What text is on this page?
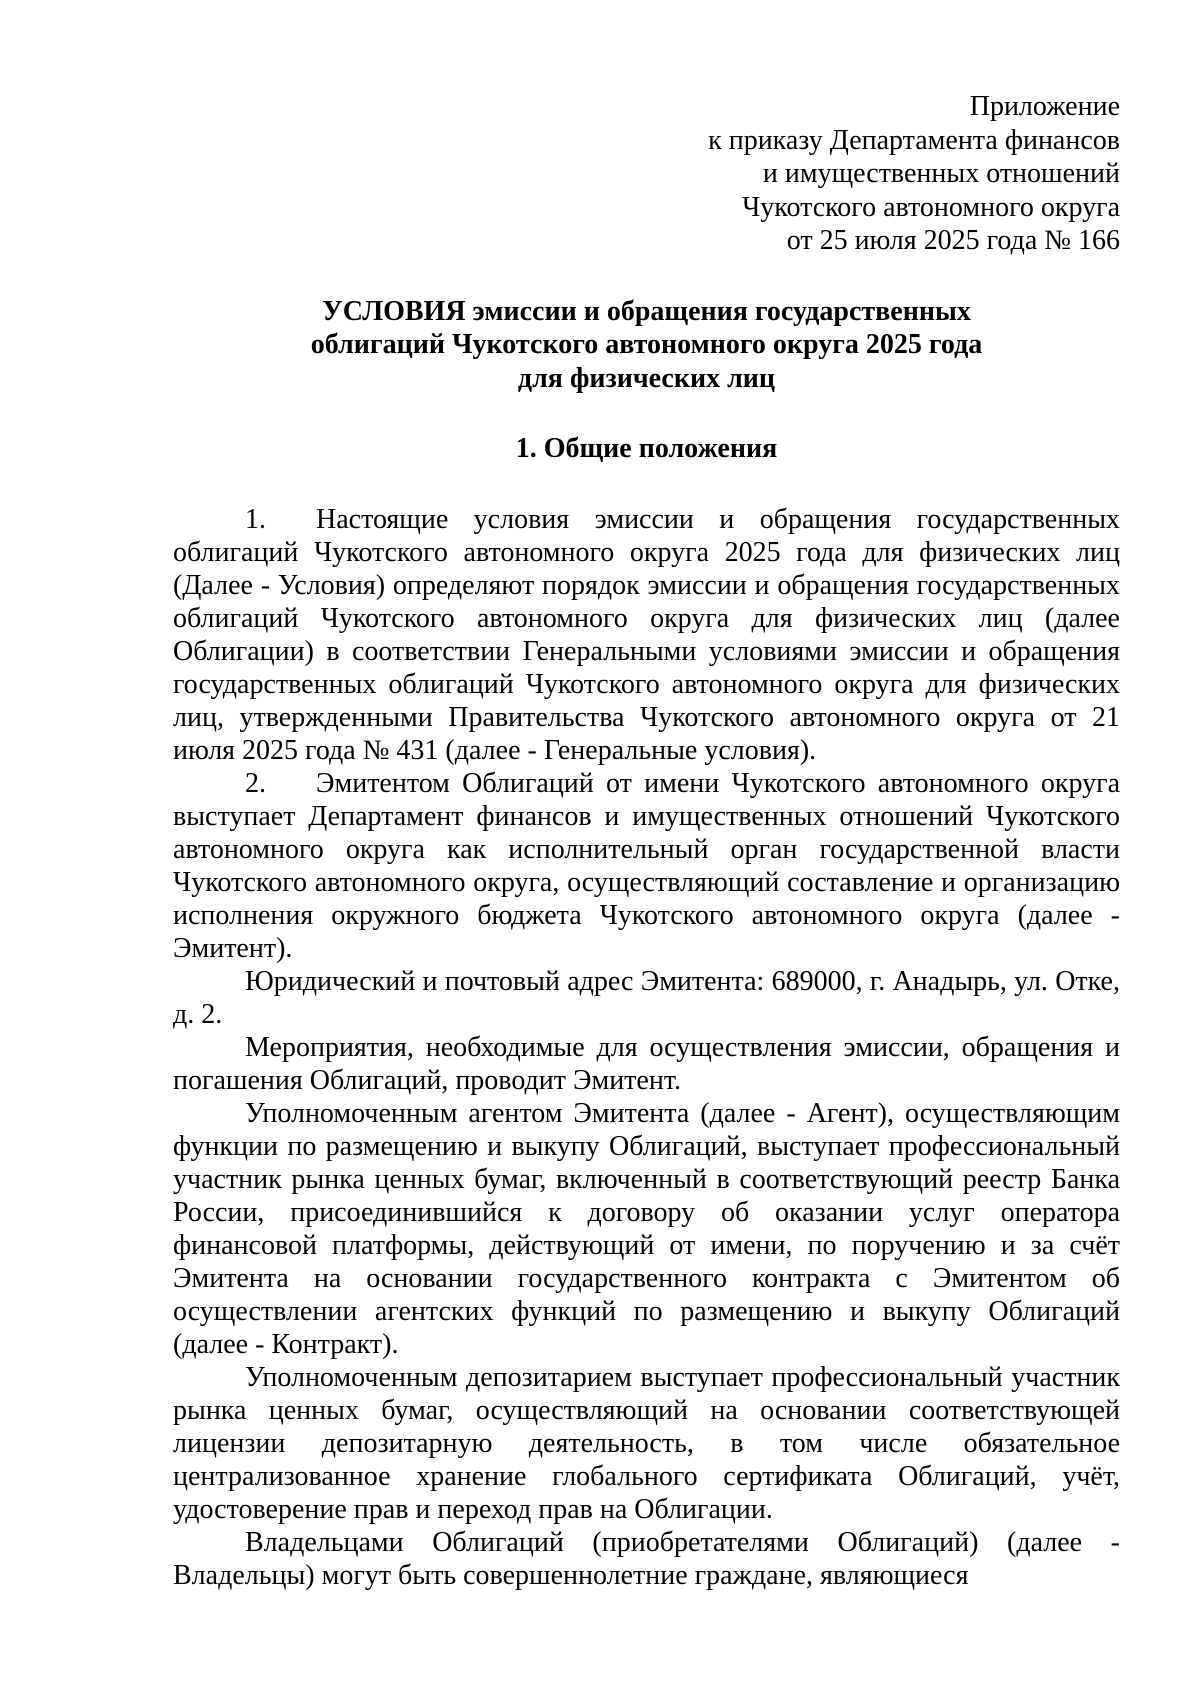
Приложение
к приказу Департамента финансов
и имущественных отношений
Чукотского автономного округа
от 25 июля 2025 года № 166
УСЛОВИЯ эмиссии и обращения государственных
облигаций Чукотского автономного округа 2025 года
для физических лиц
1. Общие положения

1. Настоящие условия эмиссии и обращения государственных облигаций Чукотского автономного округа 2025 года для физических лиц (Далее - Условия) определяют порядок эмиссии и обращения государственных облигаций Чукотского автономного округа для физических лиц (далее Облигации) в соответствии Генеральными условиями эмиссии и обращения государственных облигаций Чукотского автономного округа для физических лиц, утвержденными Правительства Чукотского автономного округа от 21 июля 2025 года № 431 (далее - Генеральные условия).

2. Эмитентом Облигаций от имени Чукотского автономного округа выступает Департамент финансов и имущественных отношений Чукотского автономного округа как исполнительный орган государственной власти Чукотского автономного округа, осуществляющий составление и организацию исполнения окружного бюджета Чукотского автономного округа (далее - Эмитент).

Юридический и почтовый адрес Эмитента: 689000, г. Анадырь, ул. Отке, д. 2.

Мероприятия, необходимые для осуществления эмиссии, обращения и погашения Облигаций, проводит Эмитент.

Уполномоченным агентом Эмитента (далее - Агент), осуществляющим функции по размещению и выкупу Облигаций, выступает профессиональный участник рынка ценных бумаг, включенный в соответствующий реестр Банка России, присоединившийся к договору об оказании услуг оператора финансовой платформы, действующий от имени, по поручению и за счёт Эмитента на основании государственного контракта с Эмитентом об осуществлении агентских функций по размещению и выкупу Облигаций (далее - Контракт).

Уполномоченным депозитарием выступает профессиональный участник рынка ценных бумаг, осуществляющий на основании соответствующей лицензии депозитарную деятельность, в том числе обязательное централизованное хранение глобального сертификата Облигаций, учёт, удостоверение прав и переход прав на Облигации.

Владельцами Облигаций (приобретателями Облигаций) (далее - Владельцы) могут быть совершеннолетние граждане, являющиеся
